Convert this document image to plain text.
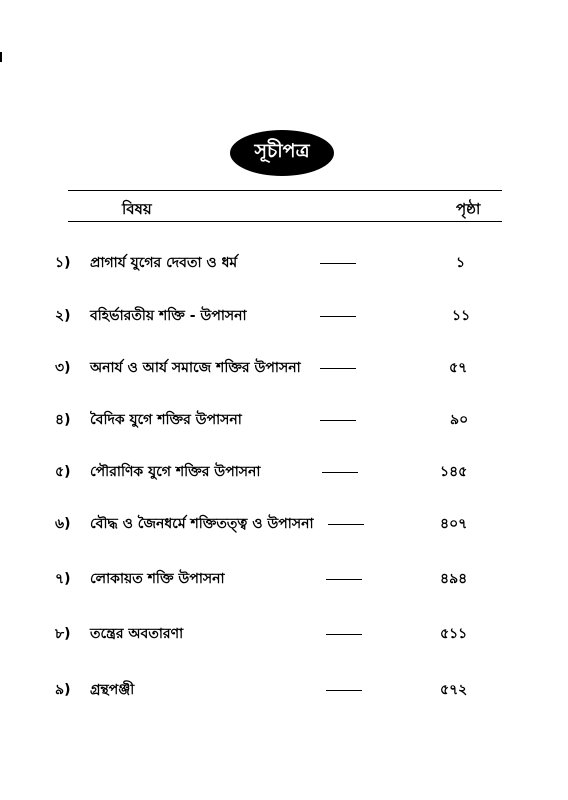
সূচীপত্র
বিষয়	পৃষ্ঠা
১) প্রাগার্য যুগের দেবতা ও ধর্ম	১
২) বহির্ভারতীয় শক্তি - উপাসনা	১১
৩) অনার্য ও আর্য সমাজে শক্তির উপাসনা	৫৭
৪) বৈদিক যুগে শক্তির উপাসনা	৯০
৫) পৌরাণিক যুগে শক্তির উপাসনা	১৪৫
৬) বৌদ্ধ ও জৈনধর্মে শক্তিতত্ত্ব ও উপাসনা	৪০৭
৭) লোকায়ত শক্তি উপাসনা	৪৯৪
৮) তন্ত্রের অবতারণা	৫১১
৯) গ্রন্থপঞ্জী	৫৭২
